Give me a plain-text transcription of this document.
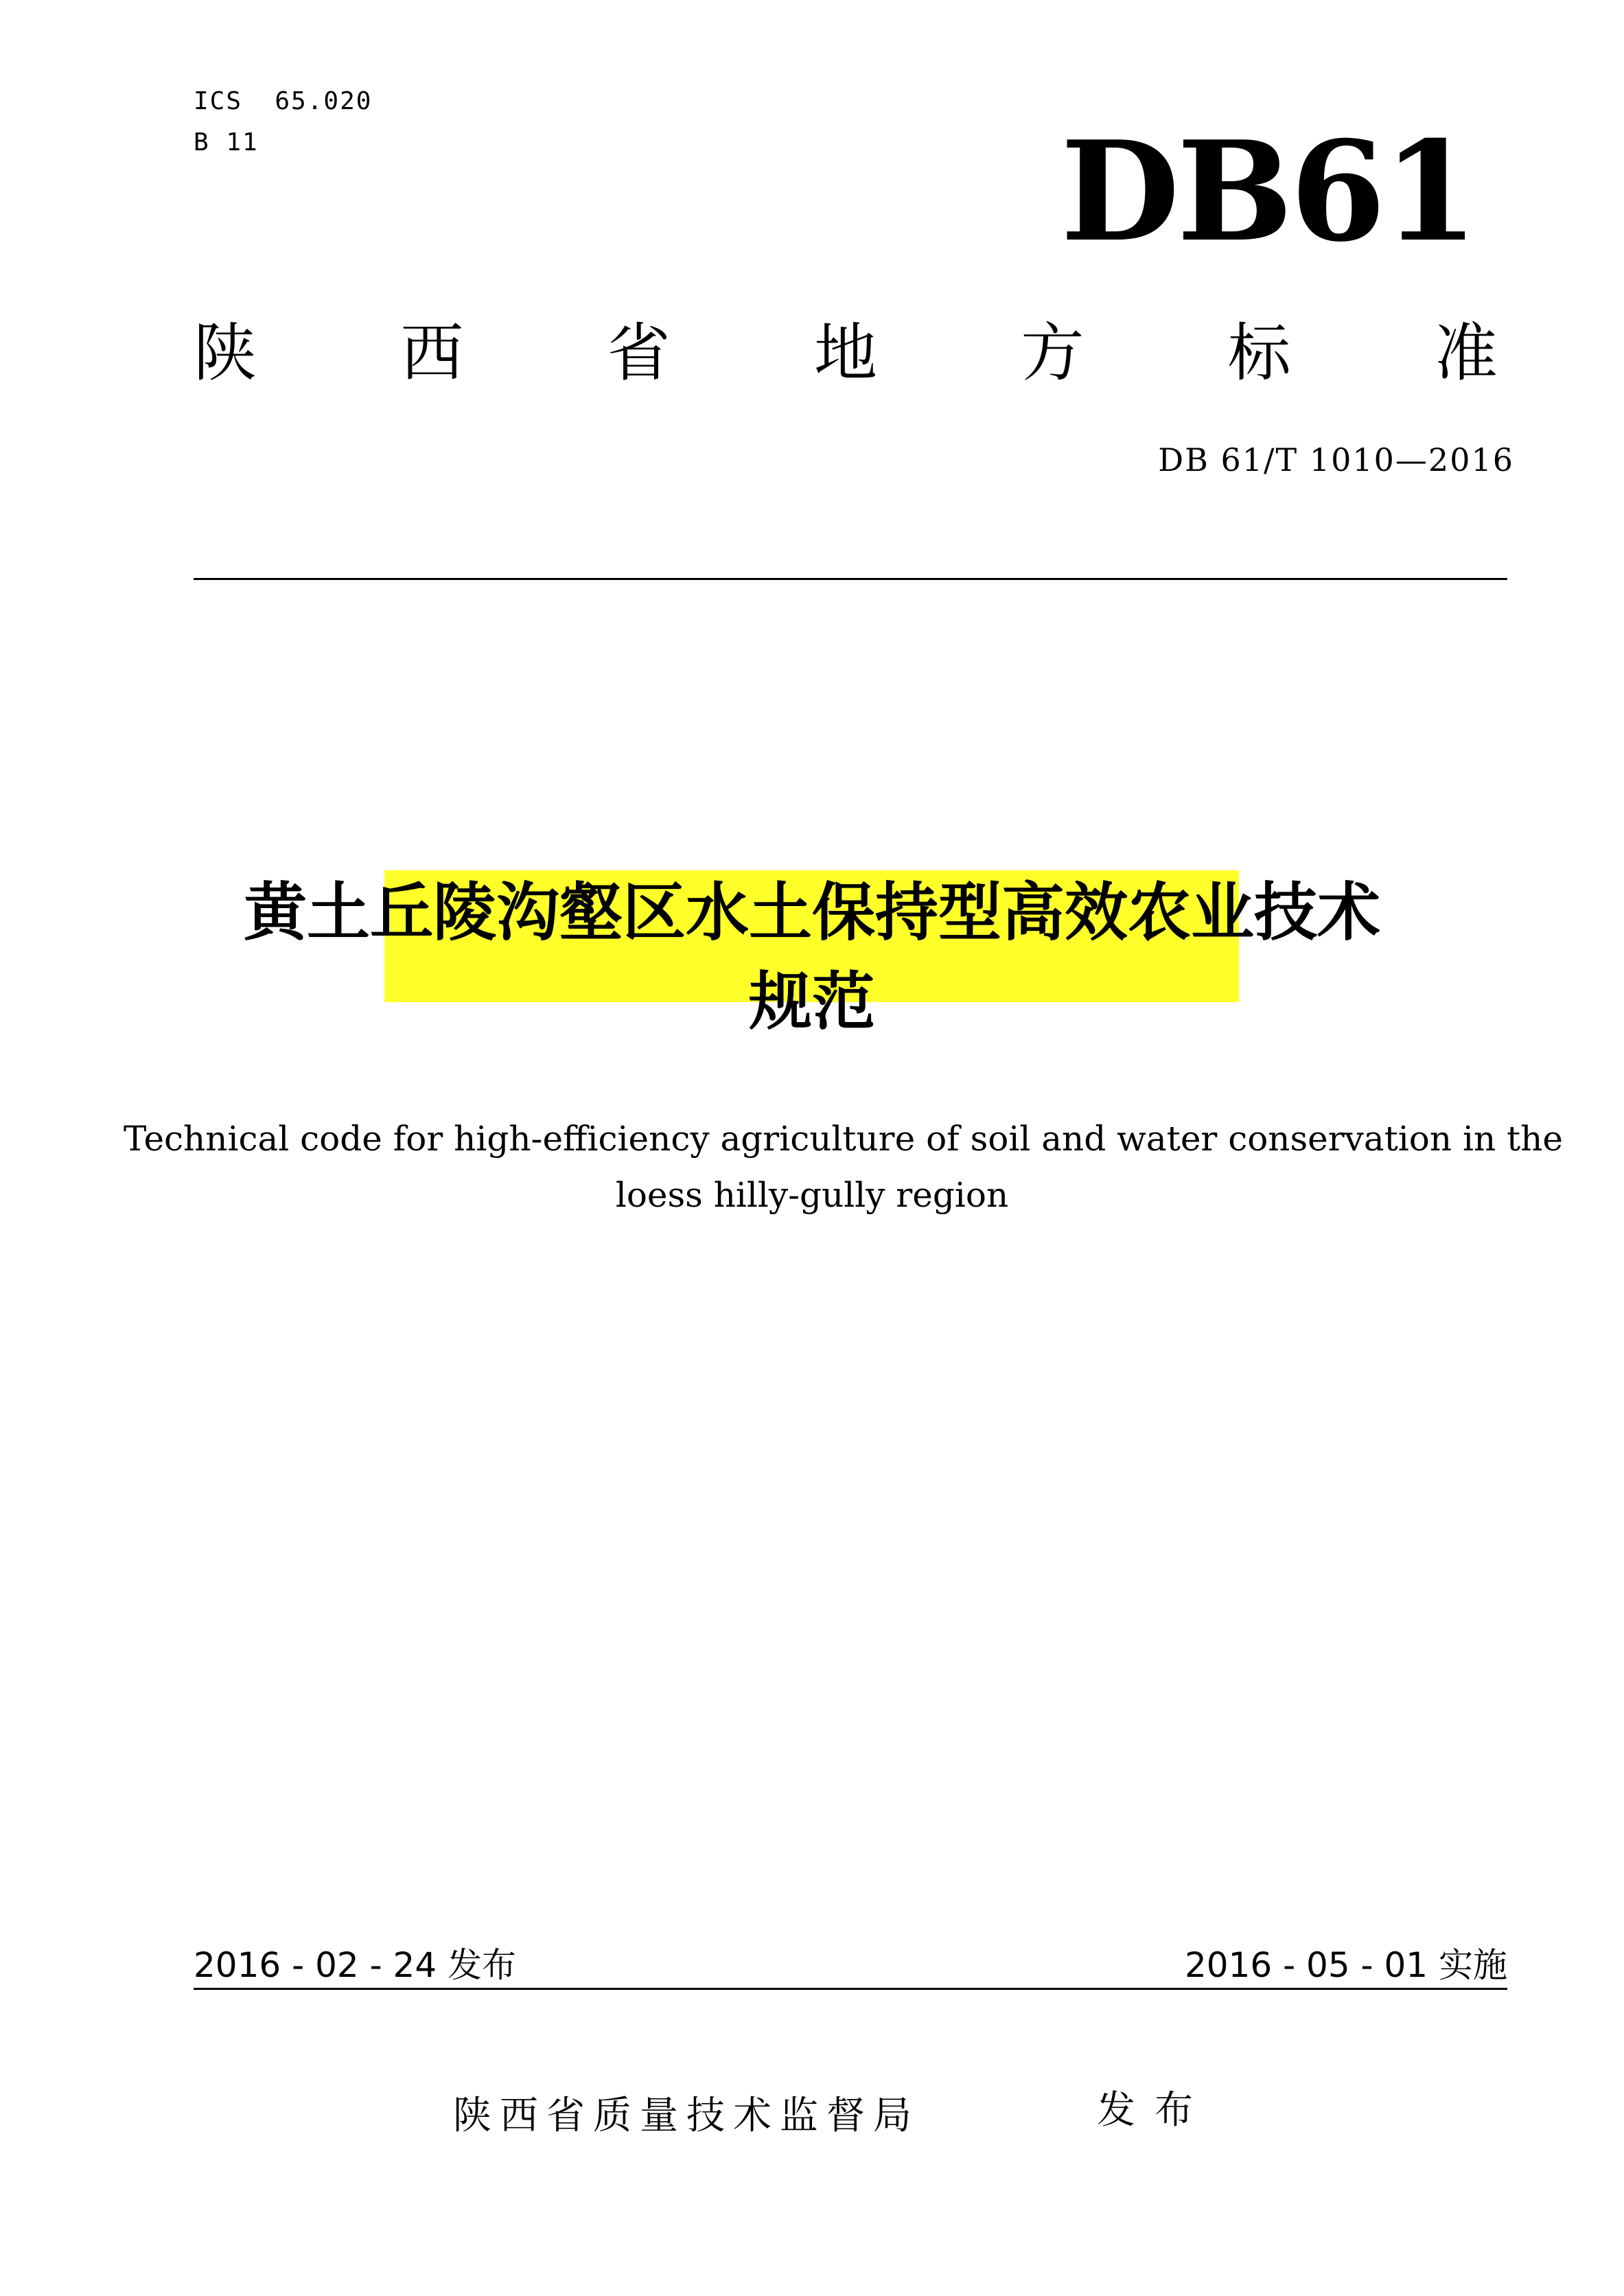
ICS  65.020
B 11	DB61
陕 西 省 地 方 标 准
DB 61/T 1010—2016
黄土丘陵沟壑区水土保持型高效农业技术
规范
Technical code for high-efficiency agriculture of soil and water conservation in the
loess hilly-gully region
2016 - 02 - 24 发布	2016 - 05 - 01 实施
陕西省质量技术监督局	发布
